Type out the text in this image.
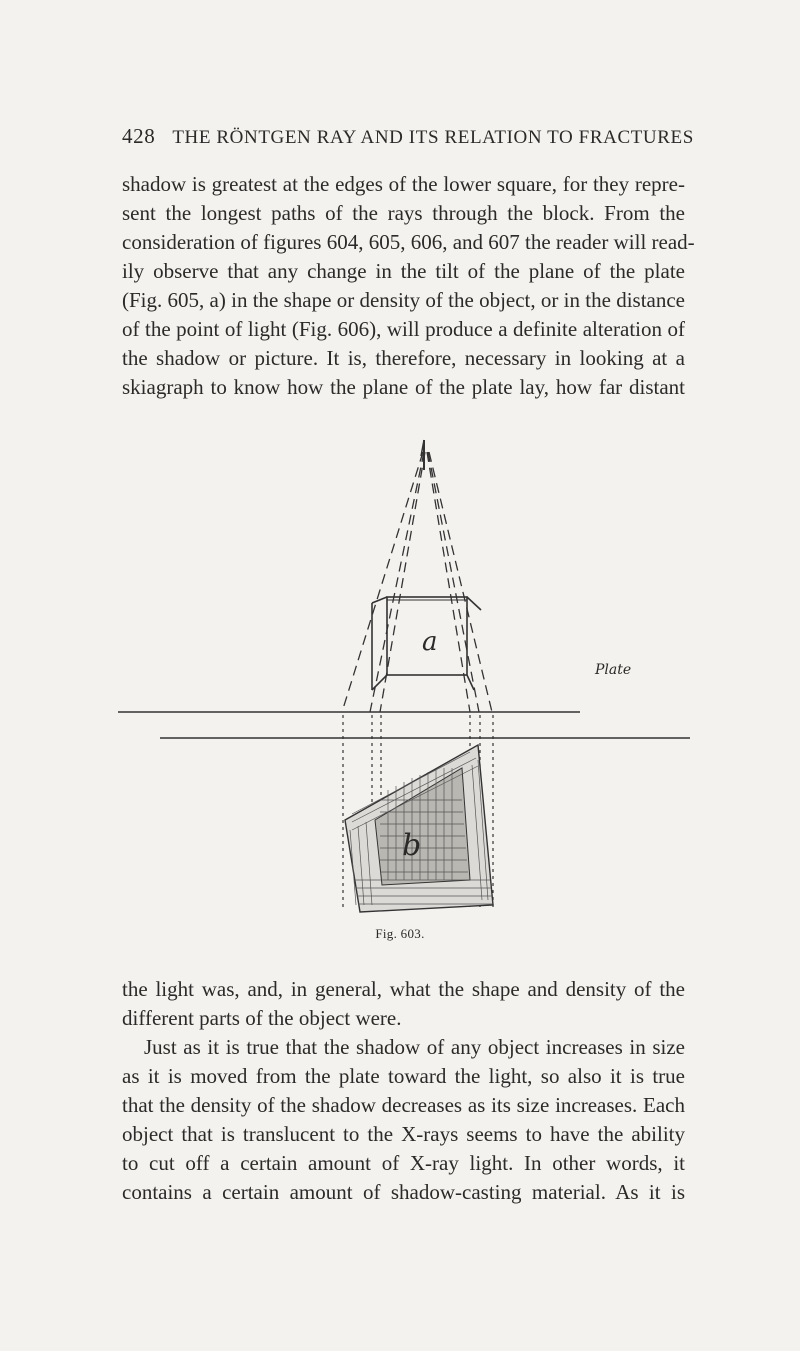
428 THE RÖNTGEN RAY AND ITS RELATION TO FRACTURES
shadow is greatest at the edges of the lower square, for they repre-
sent the longest paths of the rays through the block. From the
consideration of figures 604, 605, 606, and 607 the reader will read-
ily observe that any change in the tilt of the plane of the plate
(Fig. 605, a) in the shape or density of the object, or in the distance
of the point of light (Fig. 606), will produce a definite alteration of
the shadow or picture. It is, therefore, necessary in looking at a
skiagraph to know how the plane of the plate lay, how far distant
a
b
Plate
Fig. 603.
the light was, and, in general, what the shape and density of the
different parts of the object were.
Just as it is true that the shadow of any object increases in size
as it is moved from the plate toward the light, so also it is true
that the density of the shadow decreases as its size increases. Each
object that is translucent to the X-rays seems to have the ability
to cut off a certain amount of X-ray light. In other words, it
contains a certain amount of shadow-casting material. As it is
